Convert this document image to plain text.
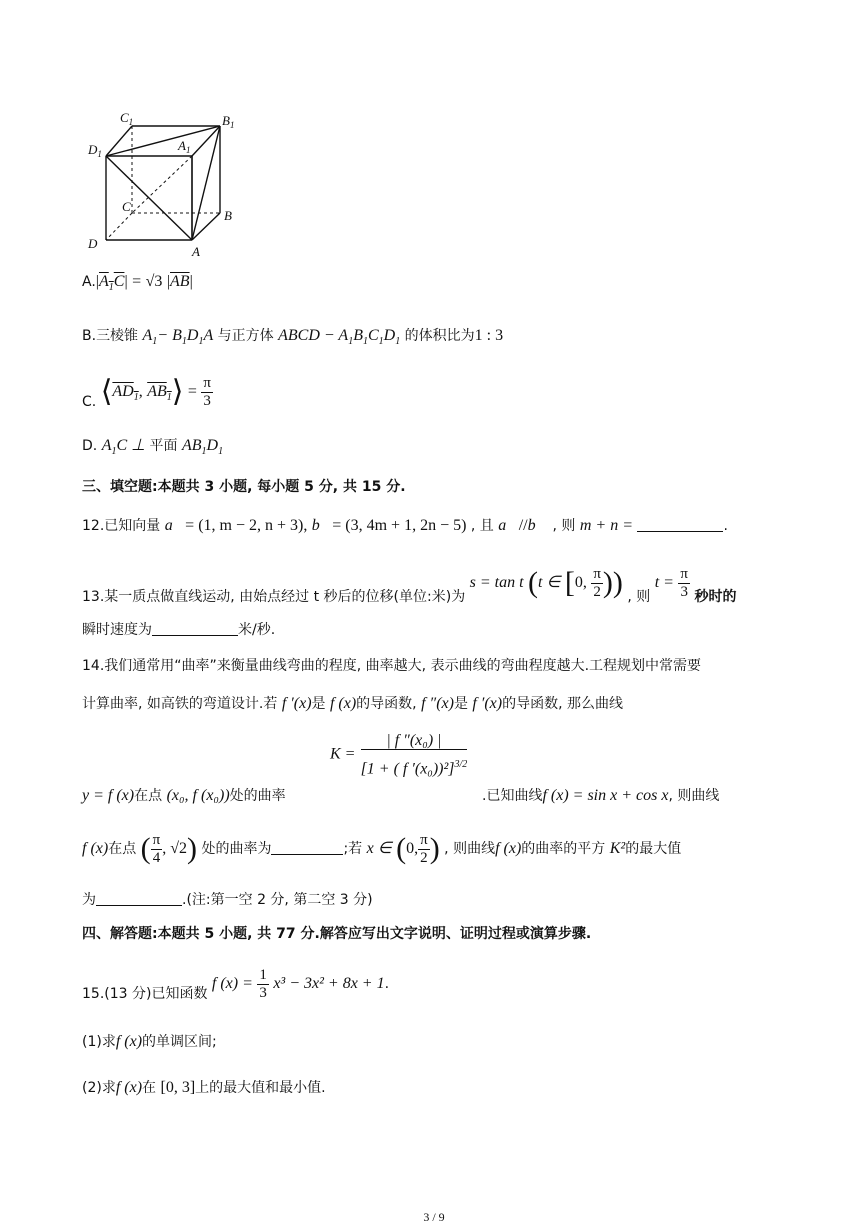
$C_1$	$B_1$
$D_1$
$A_1$
C
B
D
A
$A.|A_1C| = √3$ $|\overline{AB}|$
B.三棱锥 $A_1- B_1D_1A$ 与正方体 ABCD − $A_1B_1C_1D_1$ 的体积比为1 : 3
C. $⟨AD_1$, $AB_1⟩ = \frac{\pi}{3}$
D. $A_1C$ ⊥ 平面 $AB_1D_1$
三、填空题:本题共 3 小题, 每小题 5 分, 共 15 分.
12.已知向量 a⃗= (1, m − 2, n + 3), b⃗= (3, 4m + 1, 2n − 5) , 且 a⃗//b⃗ , 则 m + n =	.
13.某一质点做直线运动, 由始点经过 t 秒后的位移(单位:米)为 s = tan t (t ∈ [0, $\frac{\pi}{2}$ )) , 则 $t = \frac{\pi}{3}$ 秒时的
瞬时速度为	米/秒.
14.我们通常用“曲率”来衡量曲线弯曲的程度, 曲率越大, 表示曲线的弯曲程度越大.工程规划中常需要
计算曲率, 如高铁的弯道设计.若 f ′(x)是 f (x)的导函数, f ″(x)是 f ′(x)的导函数, 那么曲线
$K = \frac{\text{| f ″(x₀) |}}{[1 + ( f '(x_0))^2]^{3/2}}$
y = f (x)在点 (x₀, f (x₀))处的曲率	.已知曲线f (x) = sin x + cos x, 则曲线
f (x)在点 ( $\frac{\pi}{4}$ , √2) 处的曲率为	;若 x ∈ (0, $\frac{\pi}{2}$ ) , 则曲线f (x)的曲率的平方 K²的最大值
为	.(注:第一空 2 分, 第二空 3 分)
四、解答题:本题共 5 小题, 共 77 分.解答应写出文字说明、证明过程或演算步骤.
15.(13 分)已知函数 f $(x) = \frac{1}{3} x^3 - 3x^2 + 8x + 1$.
(1)求f (x)的单调区间;
(2)求f (x)在 [0, 3]上的最大值和最小值.
3 / 9
